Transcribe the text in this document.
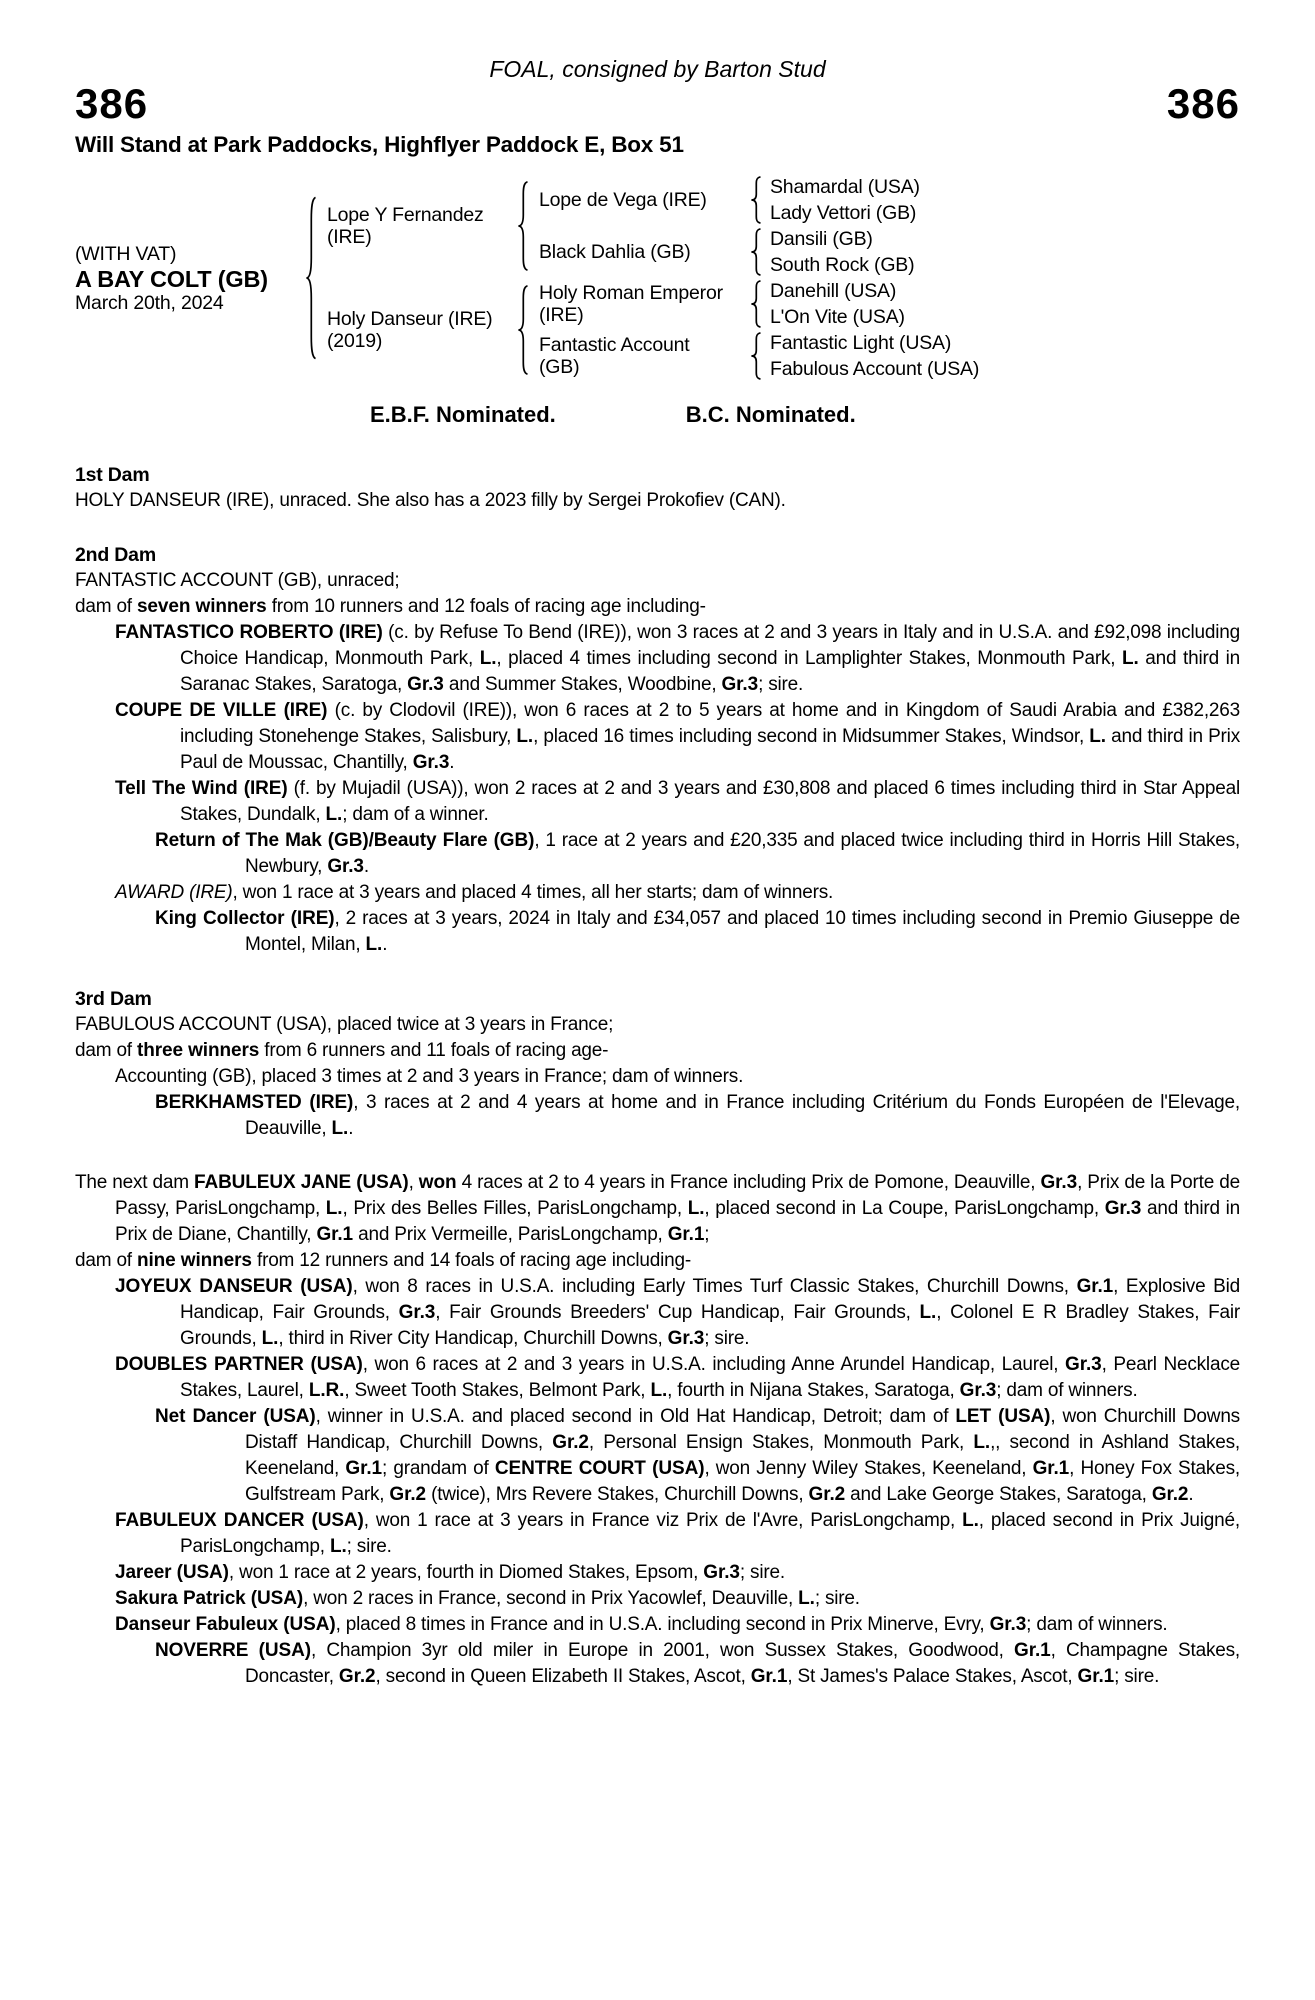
FOAL, consigned by Barton Stud
386	386
Will Stand at Park Paddocks, Highflyer Paddock E, Box 51
(WITH VAT)
A BAY COLT (GB)
March 20th, 2024
Lope Y Fernandez
(IRE)
Holy Danseur (IRE)
(2019)
Lope de Vega (IRE)
Black Dahlia (GB)
Holy Roman Emperor
(IRE)
Fantastic Account
(GB)
Shamardal (USA)
Lady Vettori (GB)
Dansili (GB)
South Rock (GB)
Danehill (USA)
L'On Vite (USA)
Fantastic Light (USA)
Fabulous Account (USA)
E.B.F. Nominated.	B.C. Nominated.
1st Dam

HOLY DANSEUR (IRE), unraced. She also has a 2023 filly by Sergei Prokofiev (CAN).

2nd Dam

FANTASTIC ACCOUNT (GB), unraced;

dam of seven winners from 10 runners and 12 foals of racing age including-

FANTASTICO ROBERTO (IRE) (c. by Refuse To Bend (IRE)), won 3 races at 2 and 3 years in Italy and in U.S.A. and £92,098 including Choice Handicap, Monmouth Park, L., placed 4 times including second in Lamplighter Stakes, Monmouth Park, L. and third in Saranac Stakes, Saratoga, Gr.3 and Summer Stakes, Woodbine, Gr.3; sire.

COUPE DE VILLE (IRE) (c. by Clodovil (IRE)), won 6 races at 2 to 5 years at home and in Kingdom of Saudi Arabia and £382,263 including Stonehenge Stakes, Salisbury, L., placed 16 times including second in Midsummer Stakes, Windsor, L. and third in Prix Paul de Moussac, Chantilly, Gr.3.

Tell The Wind (IRE) (f. by Mujadil (USA)), won 2 races at 2 and 3 years and £30,808 and placed 6 times including third in Star Appeal Stakes, Dundalk, L.; dam of a winner.

Return of The Mak (GB)/Beauty Flare (GB), 1 race at 2 years and £20,335 and placed twice including third in Horris Hill Stakes, Newbury, Gr.3.

AWARD (IRE), won 1 race at 3 years and placed 4 times, all her starts; dam of winners.

King Collector (IRE), 2 races at 3 years, 2024 in Italy and £34,057 and placed 10 times including second in Premio Giuseppe de Montel, Milan, L..

3rd Dam

FABULOUS ACCOUNT (USA), placed twice at 3 years in France;

dam of three winners from 6 runners and 11 foals of racing age-

Accounting (GB), placed 3 times at 2 and 3 years in France; dam of winners.

BERKHAMSTED (IRE), 3 races at 2 and 4 years at home and in France including Critérium du Fonds Européen de l'Elevage, Deauville, L..

The next dam FABULEUX JANE (USA), won 4 races at 2 to 4 years in France including Prix de Pomone, Deauville, Gr.3, Prix de la Porte de Passy, ParisLongchamp, L., Prix des Belles Filles, ParisLongchamp, L., placed second in La Coupe, ParisLongchamp, Gr.3 and third in Prix de Diane, Chantilly, Gr.1 and Prix Vermeille, ParisLongchamp, Gr.1;

dam of nine winners from 12 runners and 14 foals of racing age including-

JOYEUX DANSEUR (USA), won 8 races in U.S.A. including Early Times Turf Classic Stakes, Churchill Downs, Gr.1, Explosive Bid Handicap, Fair Grounds, Gr.3, Fair Grounds Breeders' Cup Handicap, Fair Grounds, L., Colonel E R Bradley Stakes, Fair Grounds, L., third in River City Handicap, Churchill Downs, Gr.3; sire.

DOUBLES PARTNER (USA), won 6 races at 2 and 3 years in U.S.A. including Anne Arundel Handicap, Laurel, Gr.3, Pearl Necklace Stakes, Laurel, L.R., Sweet Tooth Stakes, Belmont Park, L., fourth in Nijana Stakes, Saratoga, Gr.3; dam of winners.

Net Dancer (USA), winner in U.S.A. and placed second in Old Hat Handicap, Detroit; dam of LET (USA), won Churchill Downs Distaff Handicap, Churchill Downs, Gr.2, Personal Ensign Stakes, Monmouth Park, L.,, second in Ashland Stakes, Keeneland, Gr.1; grandam of CENTRE COURT (USA), won Jenny Wiley Stakes, Keeneland, Gr.1, Honey Fox Stakes, Gulfstream Park, Gr.2 (twice), Mrs Revere Stakes, Churchill Downs, Gr.2 and Lake George Stakes, Saratoga, Gr.2.

FABULEUX DANCER (USA), won 1 race at 3 years in France viz Prix de l'Avre, ParisLongchamp, L., placed second in Prix Juigné, ParisLongchamp, L.; sire.

Jareer (USA), won 1 race at 2 years, fourth in Diomed Stakes, Epsom, Gr.3; sire.

Sakura Patrick (USA), won 2 races in France, second in Prix Yacowlef, Deauville, L.; sire.

Danseur Fabuleux (USA), placed 8 times in France and in U.S.A. including second in Prix Minerve, Evry, Gr.3; dam of winners.

NOVERRE (USA), Champion 3yr old miler in Europe in 2001, won Sussex Stakes, Goodwood, Gr.1, Champagne Stakes, Doncaster, Gr.2, second in Queen Elizabeth II Stakes, Ascot, Gr.1, St James's Palace Stakes, Ascot, Gr.1; sire.
